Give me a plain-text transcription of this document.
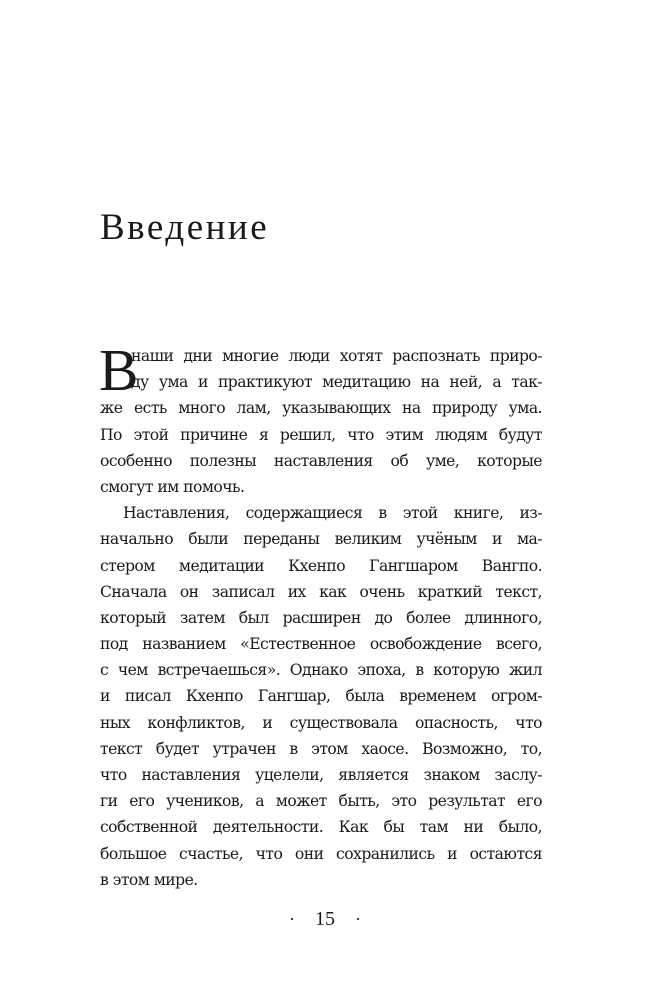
Введение
В
наши дни многие люди хотят распознать приро-
ду ума и практикуют медитацию на ней, а так-
же есть много лам, указывающих на природу ума.
По этой причине я решил, что этим людям будут
особенно полезны наставления об уме, которые
смогут им помочь.
Наставления, содержащиеся в этой книге, из-
начально были переданы великим учёным и ма-
стером медитации Кхенпо Гангшаром Вангпо.
Сначала он записал их как очень краткий текст,
который затем был расширен до более длинного,
под названием «Естественное освобождение всего,
с чем встречаешься». Однако эпоха, в которую жил
и писал Кхенпо Гангшар, была временем огром-
ных конфликтов, и существовала опасность, что
текст будет утрачен в этом хаосе. Возможно, то,
что наставления уцелели, является знаком заслу-
ги его учеников, а может быть, это результат его
собственной деятельности. Как бы там ни было,
большое счастье, что они сохранились и остаются
в этом мире.
· 15 ·
